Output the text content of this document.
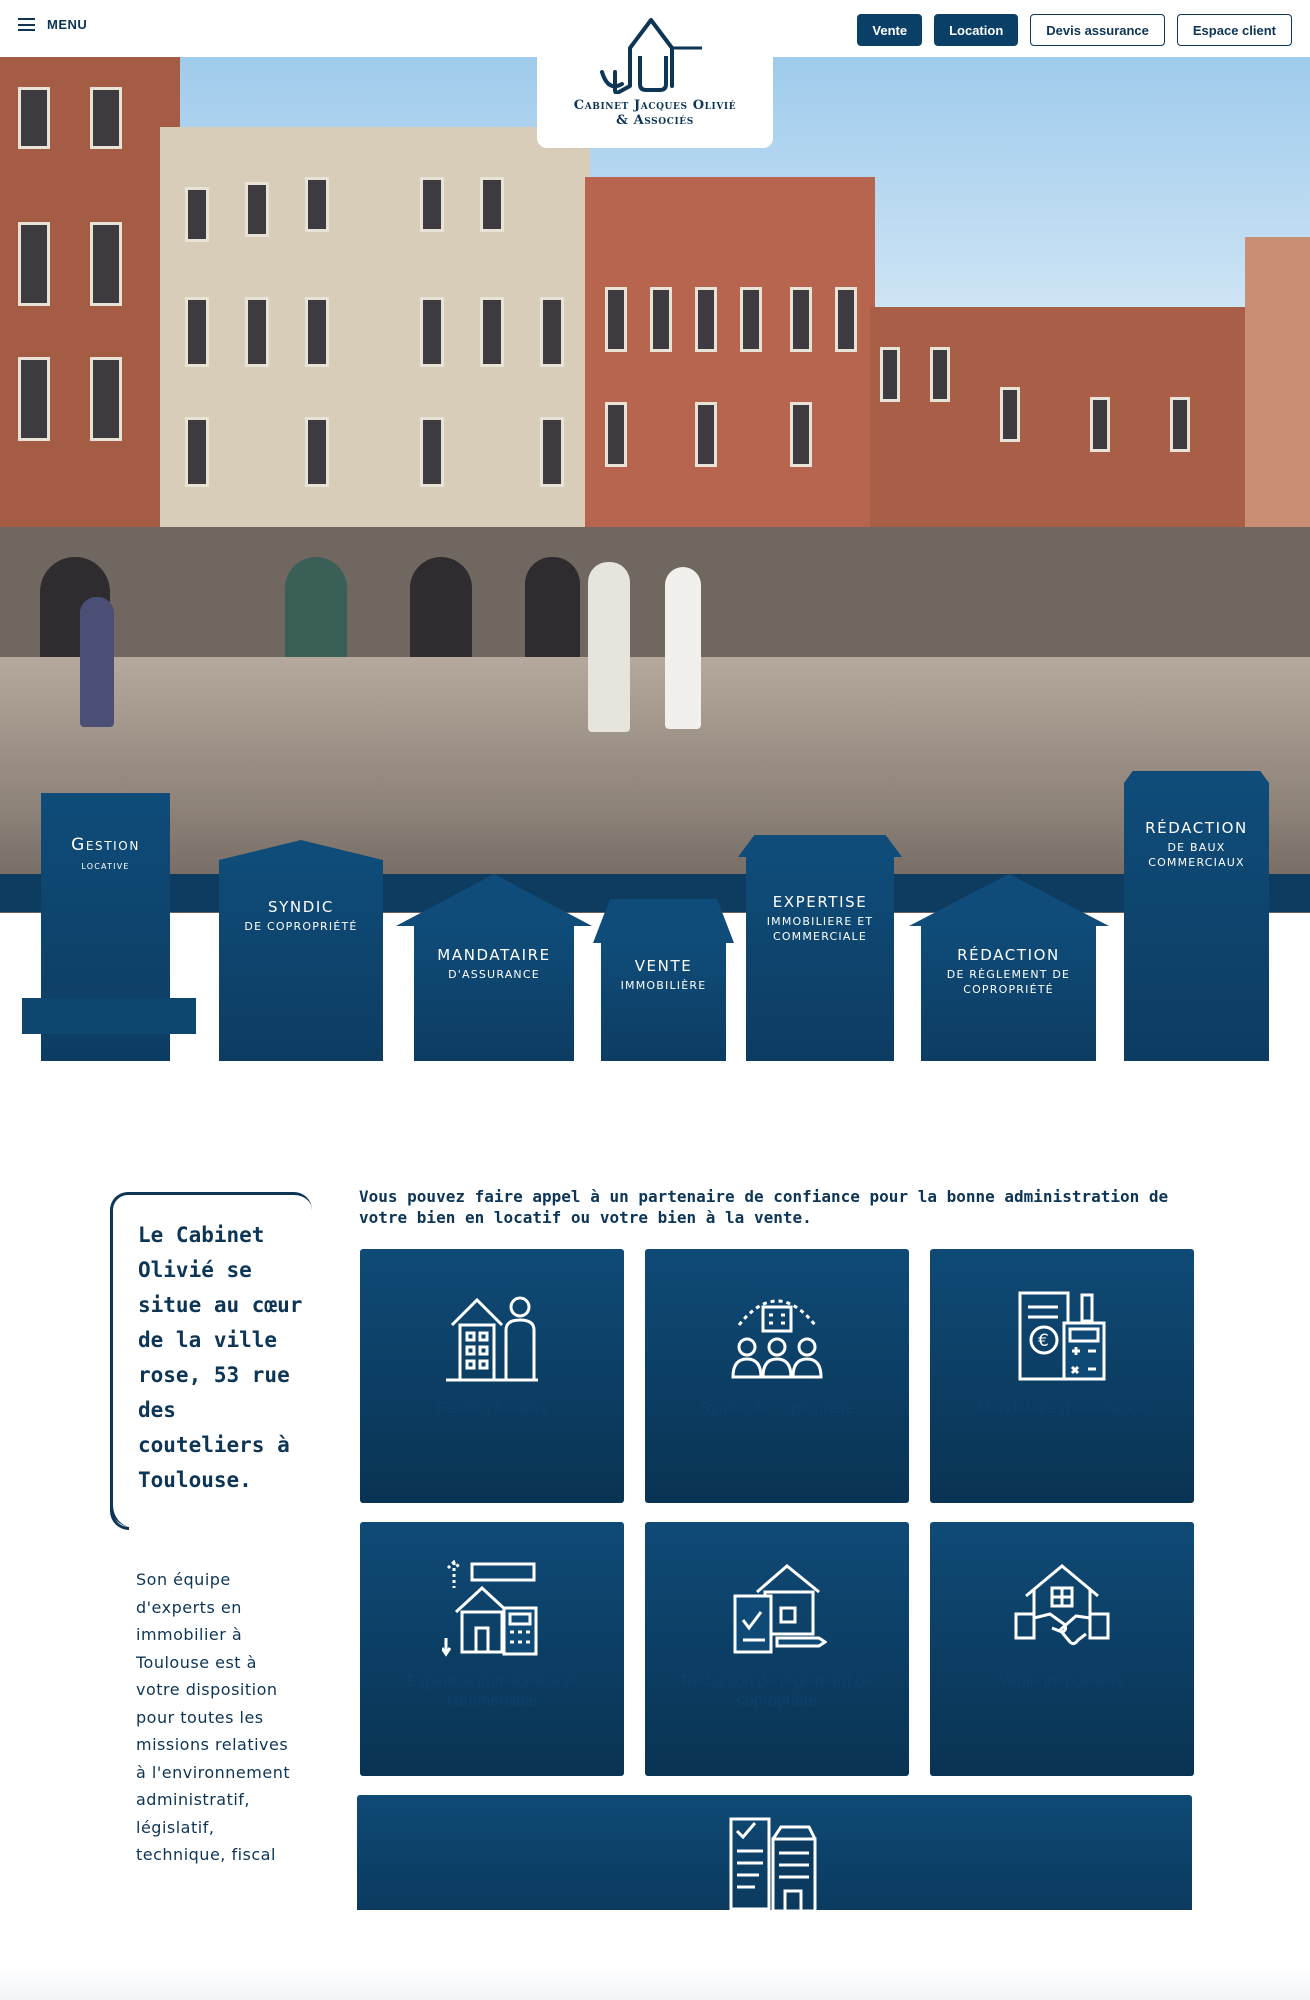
MENU	Vente	Location	Devis assurance	Espace client
Cabinet Jacques Olivié
& Associés
Gestion
locative
SYNDIC
DE COPROPRIÉTÉ
MANDATAIRE
D'ASSURANCE	VENTE
IMMOBILIÈRE
EXPERTISE
IMMOBILIERE ET COMMERCIALE
RÉDACTION
DE RÈGLEMENT DE COPROPRIÉTÉ
RÉDACTION
DE BAUX COMMERCIAUX
Le Cabinet Olivié se situe au cœur de la ville rose, 53 rue des couteliers à Toulouse.
Son équipe d'experts en immobilier à Toulouse est à votre disposition pour toutes les missions relatives à l'environnement administratif, législatif, technique, fiscal
Vous pouvez faire appel à un partenaire de confiance pour la bonne administration de votre bien en locatif ou votre bien à la vente.
Gestion locative	Syndic de copropriété
€
Mandataire d'assurance
Expertise immobilière et commerciale
Rédaction de règlement de copropriété
Vente immobilière
